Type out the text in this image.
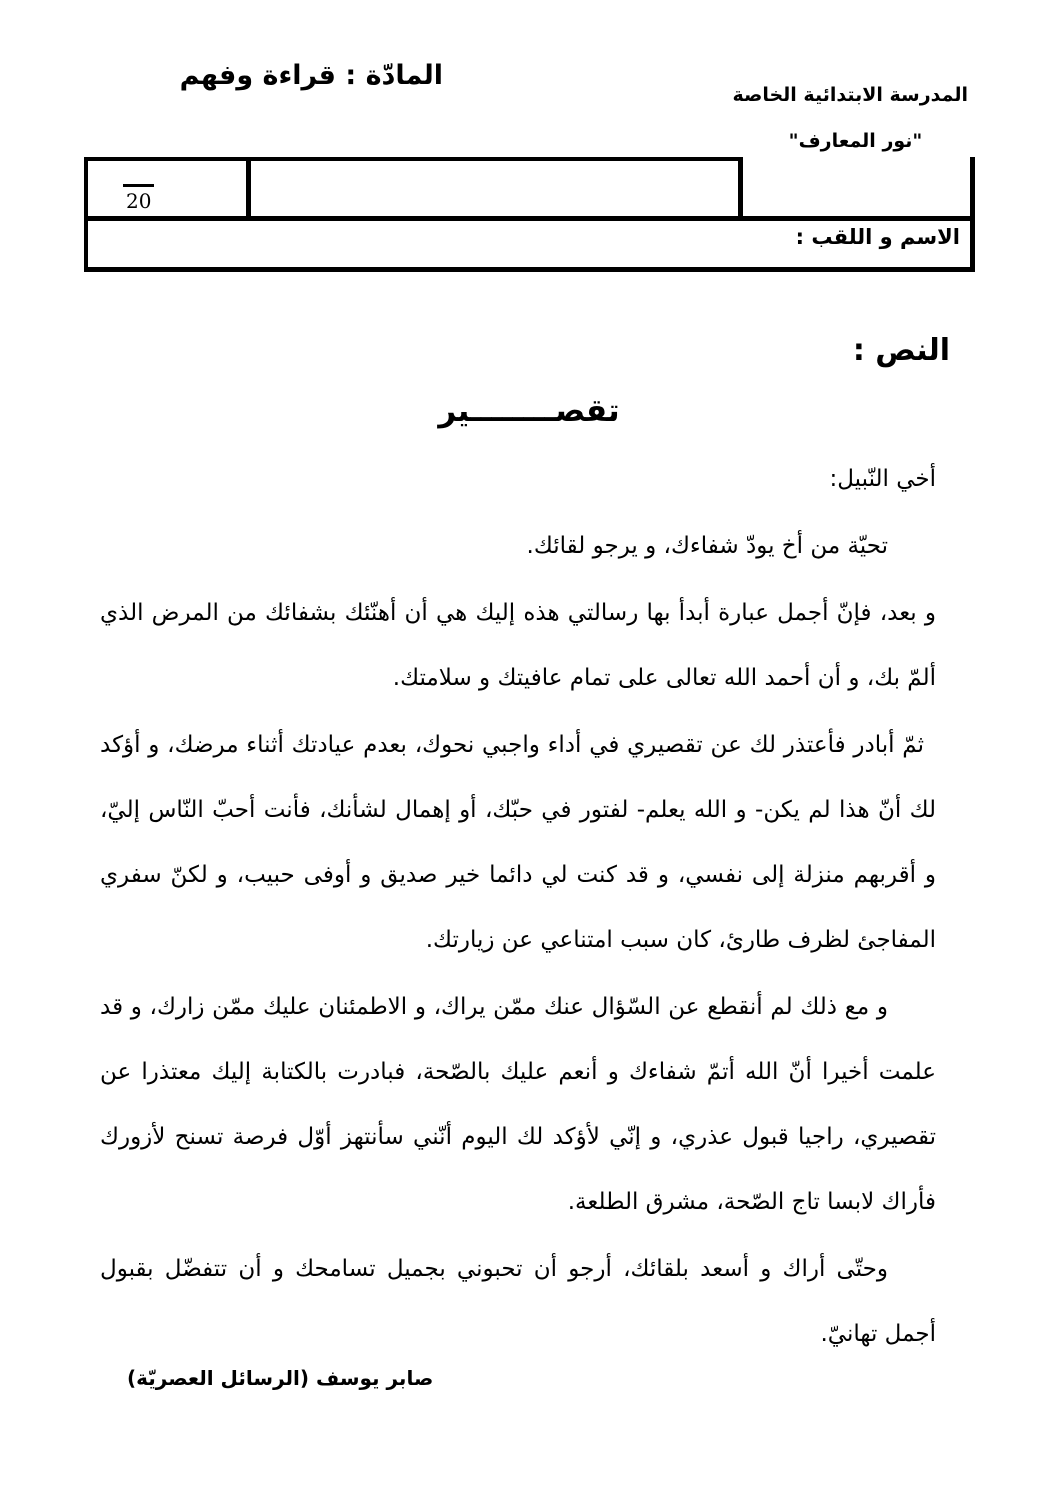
المادّة : قراءة وفهم
المدرسة الابتدائية الخاصة
"نور المعارف"
20
الاسم و اللقب :
النص :
تقصــــــــير

أخي النّبيل:

تحيّة من أخ يودّ شفاءك، و يرجو لقائك.

و بعد، فإنّ أجمل عبارة أبدأ بها رسالتي هذه إليك هي أن أهنّئك بشفائك من المرض الذي ألمّ بك، و أن أحمد الله تعالى على تمام عافيتك و سلامتك.

ثمّ أبادر فأعتذر لك عن تقصيري في أداء واجبي نحوك، بعدم عيادتك أثناء مرضك، و أؤكد لك أنّ هذا لم يكن- و الله يعلم- لفتور في حبّك، أو إهمال لشأنك، فأنت أحبّ النّاس إليّ، و أقربهم منزلة إلى نفسي، و قد كنت لي دائما خير صديق و أوفى حبيب، و لكنّ سفري المفاجئ لظرف طارئ، كان سبب امتناعي عن زيارتك.

و مع ذلك لم أنقطع عن السّؤال عنك ممّن يراك، و الاطمئنان عليك ممّن زارك، و قد علمت أخيرا أنّ الله أتمّ شفاءك و أنعم عليك بالصّحة، فبادرت بالكتابة إليك معتذرا عن تقصيري، راجيا قبول عذري، و إنّي لأؤكد لك اليوم أنّني سأنتهز أوّل فرصة تسنح لأزورك فأراك لابسا تاج الصّحة، مشرق الطلعة.

وحتّى أراك و أسعد بلقائك، أرجو أن تحبوني بجميل تسامحك و أن تتفضّل بقبول أجمل تهانيّ.

صابر يوسف (الرسائل العصريّة)
